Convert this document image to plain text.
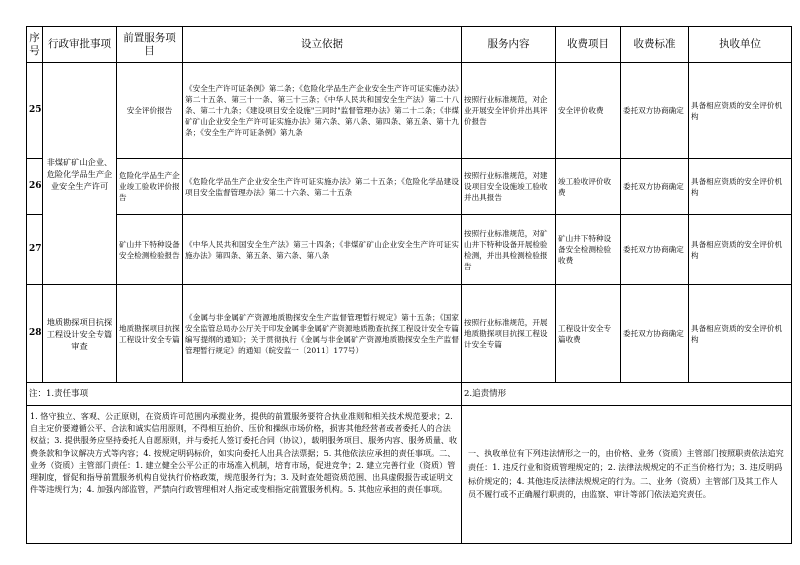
序号	行政审批事项	前置服务项目	设立依据	服务内容	收费项目	收费标准	执收单位
25	非煤矿矿山企业、危险化学品生产企业安全生产许可	安全评价报告	《安全生产许可证条例》第二条；《危险化学品生产企业安全生产许可证实施办法》第二十五条、第三十一条、第三十三条；《中华人民共和国安全生产法》第二十八条、第二十九条；《建设项目安全设施"三同时"监督管理办法》第二十二条；《非煤矿矿山企业安全生产许可证实施办法》第六条、第八条、第四条、第五条、第十九条；《安全生产许可证条例》第九条	按照行业标准规范，对企业开展安全评价并出具评价报告	安全评价收费	委托双方协商确定	具备相应资质的安全评价机构
26		危险化学品生产企业竣工验收评价报告	《危险化学品生产企业安全生产许可证实施办法》第二十五条；《危险化学品建设项目安全监督管理办法》第二十六条、第二十五条	按照行业标准规范，对建设项目安全设施竣工验收并出具报告	竣工验收评价收费	委托双方协商确定	具备相应资质的安全评价机构
27		矿山井下特种设备安全检测检验报告	《中华人民共和国安全生产法》第三十四条；《非煤矿矿山企业安全生产许可证实施办法》第四条、第五条、第六条、第八条	按照行业标准规范，对矿山井下特种设备开展检验检测，并出具检测检验报告	矿山井下特种设备安全检测检验收费	委托双方协商确定	具备相应资质的安全评价机构
28	地质勘探项目抗探工程设计安全专篇审查	地质勘探项目抗探工程设计安全专篇	《金属与非金属矿产资源地质勘探安全生产监督管理暂行规定》第十五条；《国家安全监管总局办公厅关于印发金属非金属矿产资源地质勘查抗探工程设计安全专篇编写提纲的通知》；关于贯彻执行《金属与非金属矿产资源地质勘探安全生产监督管理暂行规定》的通知（皖安监一〔2011〕177号）	按照行业标准规范，开展地质勘探项目抗探工程设计安全专篇	工程设计安全专篇收费	委托双方协商确定	具备相应资质的安全评价机构
注：1.责任事项				2.追责情形			
1. 恪守独立、客观、公正原则，在资质许可范围内承揽业务，提供的前置服务要符合执业准则和相关技术规范要求；2. 自主定价要遵循公平、合法和诚实信用原则，不得相互抬价、压价和操纵市场价格，损害其他经营者或者委托人的合法权益；3. 提供服务应坚持委托人自愿原则，并与委托人签订委托合同（协议），载明服务项目、服务内容、服务质量、收费条款和争议解决方式等内容；4. 按规定明码标价，如实向委托人出具合法票据；5. 其他依法应承担的责任事项。二、业务（资质）主管部门责任：1. 建立健全公平公正的市场准入机制，培育市场，促进竞争；2. 建立完善行业（资质）管理制度，督促和指导前置服务机构自觉执行价格政策，规范服务行为；3. 及时查处超资质范围、出具虚假报告或证明文件等违规行为；4. 加强内部监管，严禁向行政管理相对人指定或变相指定前置服务机构。5. 其他应承担的责任事项。				一、执收单位有下列违法情形之一的，由价格、业务（资质）主管部门按照职责依法追究责任：1. 违反行业和资质管理规定的；2. 法律法规规定的不正当价格行为；3. 违反明码标价规定的；4. 其他违反法律法规规定的行为。二、业务（资质）主管部门及其工作人员不履行或不正确履行职责的，由监察、审计等部门依法追究责任。			
